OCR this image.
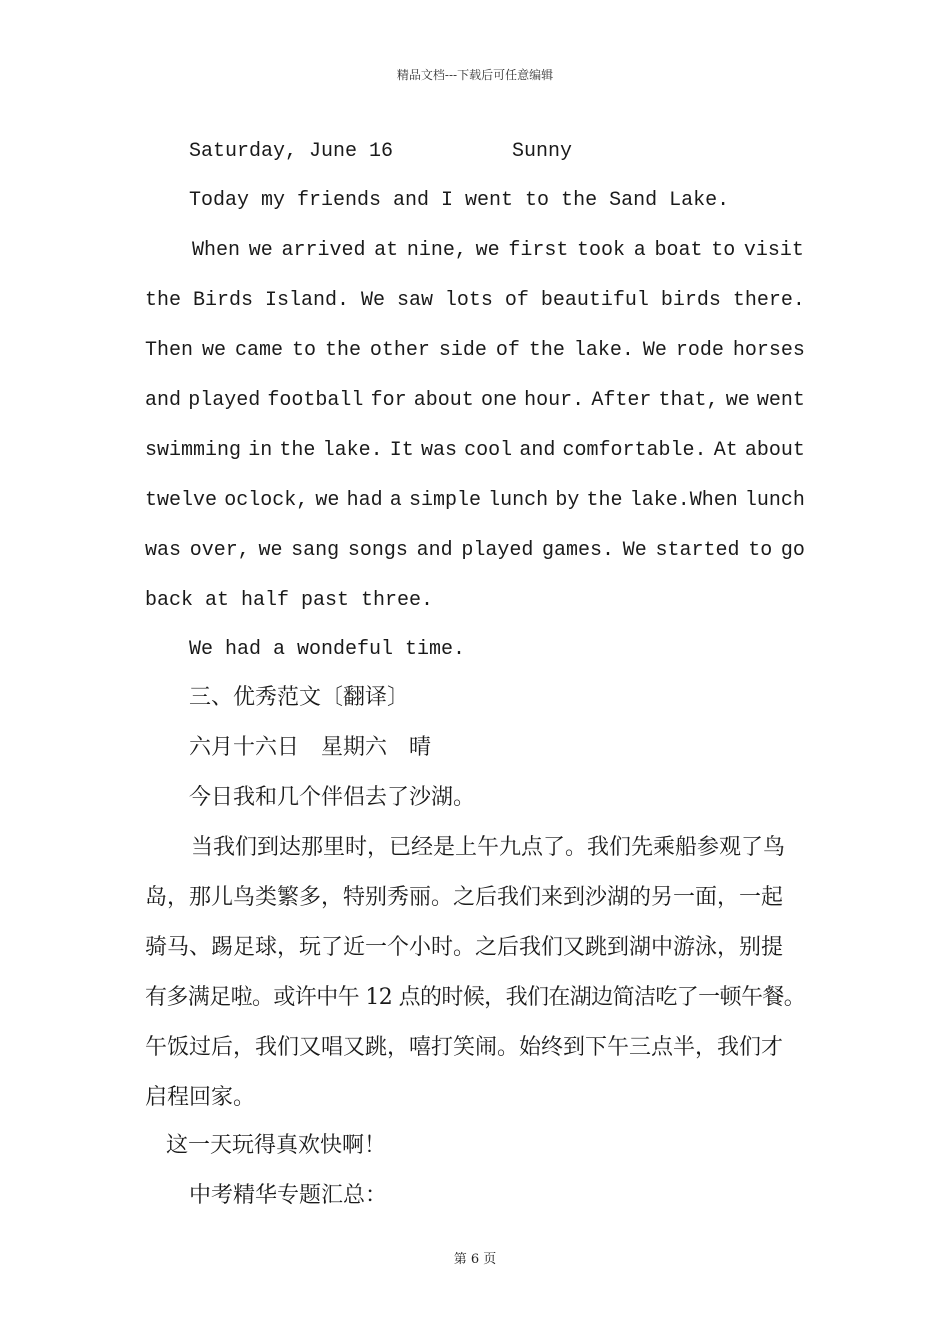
精品文档---下载后可任意编辑
Saturday, June 16	Sunny
Today my friends and I went to the Sand Lake.
When we arrived at nine, we first took a boat to visit
the Birds Island. We saw lots of beautiful birds there.
Then we came to the other side of the lake. We rode horses
and played football for about one hour. After that, we went
swimming in the lake. It was cool and comfortable. At about
twelve oclock, we had a simple lunch by the lake.When lunch
was over, we sang songs and played games. We started to go
back at half past three.
We had a wondeful time.
三、优秀范文〔翻译〕
六月十六日　星期六　晴
今日我和几个伴侣去了沙湖。
当我们到达那里时，已经是上午九点了。我们先乘船参观了鸟
岛，那儿鸟类繁多，特别秀丽。之后我们来到沙湖的另一面，一起
骑马、踢足球，玩了近一个小时。之后我们又跳到湖中游泳，别提
有多满足啦。或许中午 12 点的时候，我们在湖边简洁吃了一顿午餐。
午饭过后，我们又唱又跳，嘻打笑闹。始终到下午三点半，我们才
启程回家。
这一天玩得真欢快啊！
中考精华专题汇总：
第 6 页
